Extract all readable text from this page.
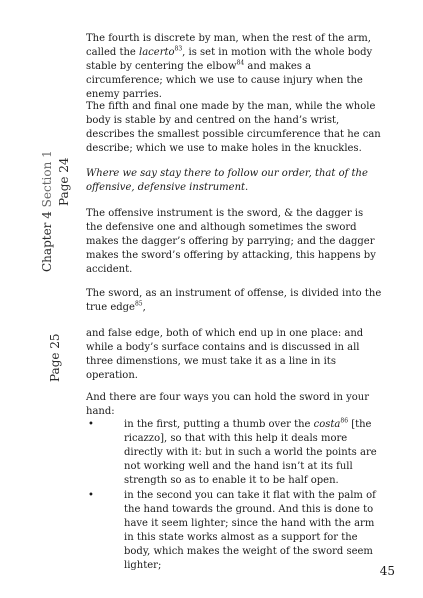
The fourth is discrete by man, when the rest of the arm, called the lacerto$^{83}$, is set in motion with the whole body stable by centering the elbow$^{84}$ and makes a circumference; which we use to cause injury when the enemy parries.

The fifth and final one made by the man, while the whole body is stable by and centred on the hand’s wrist, describes the smallest possible circumference that he can describe; which we use to make holes in the knuckles.

Where we say stay there to follow our order, that of the offensive, defensive instrument.

The offensive instrument is the sword, & the dagger is the defensive one and although sometimes the sword makes the dagger’s offering by parrying; and the dagger makes the sword’s offering by attacking, this happens by accident.

The sword, as an instrument of offense, is divided into the true edge$^{85}$,

and false edge, both of which end up in one place: and while a body’s surface contains and is discussed in all three dimenstions, we must take it as a line in its operation.

And there are four ways you can hold the sword in your hand:

•	in the first, putting a thumb over the costa$^{86}$ [the ricazzo], so that with this help it deals more directly with it: but in such a world the points are not working well and the hand isn’t at its full strength so as to enable it to be half open.
•	in the second you can take it flat with the palm of the hand towards the ground. And this is done to have it seem lighter; since the hand with the arm in this state works almost as a support for the body, which makes the weight of the sword seem lighter;
Chapter 4 Section 1 Page 24
Page 25
45
